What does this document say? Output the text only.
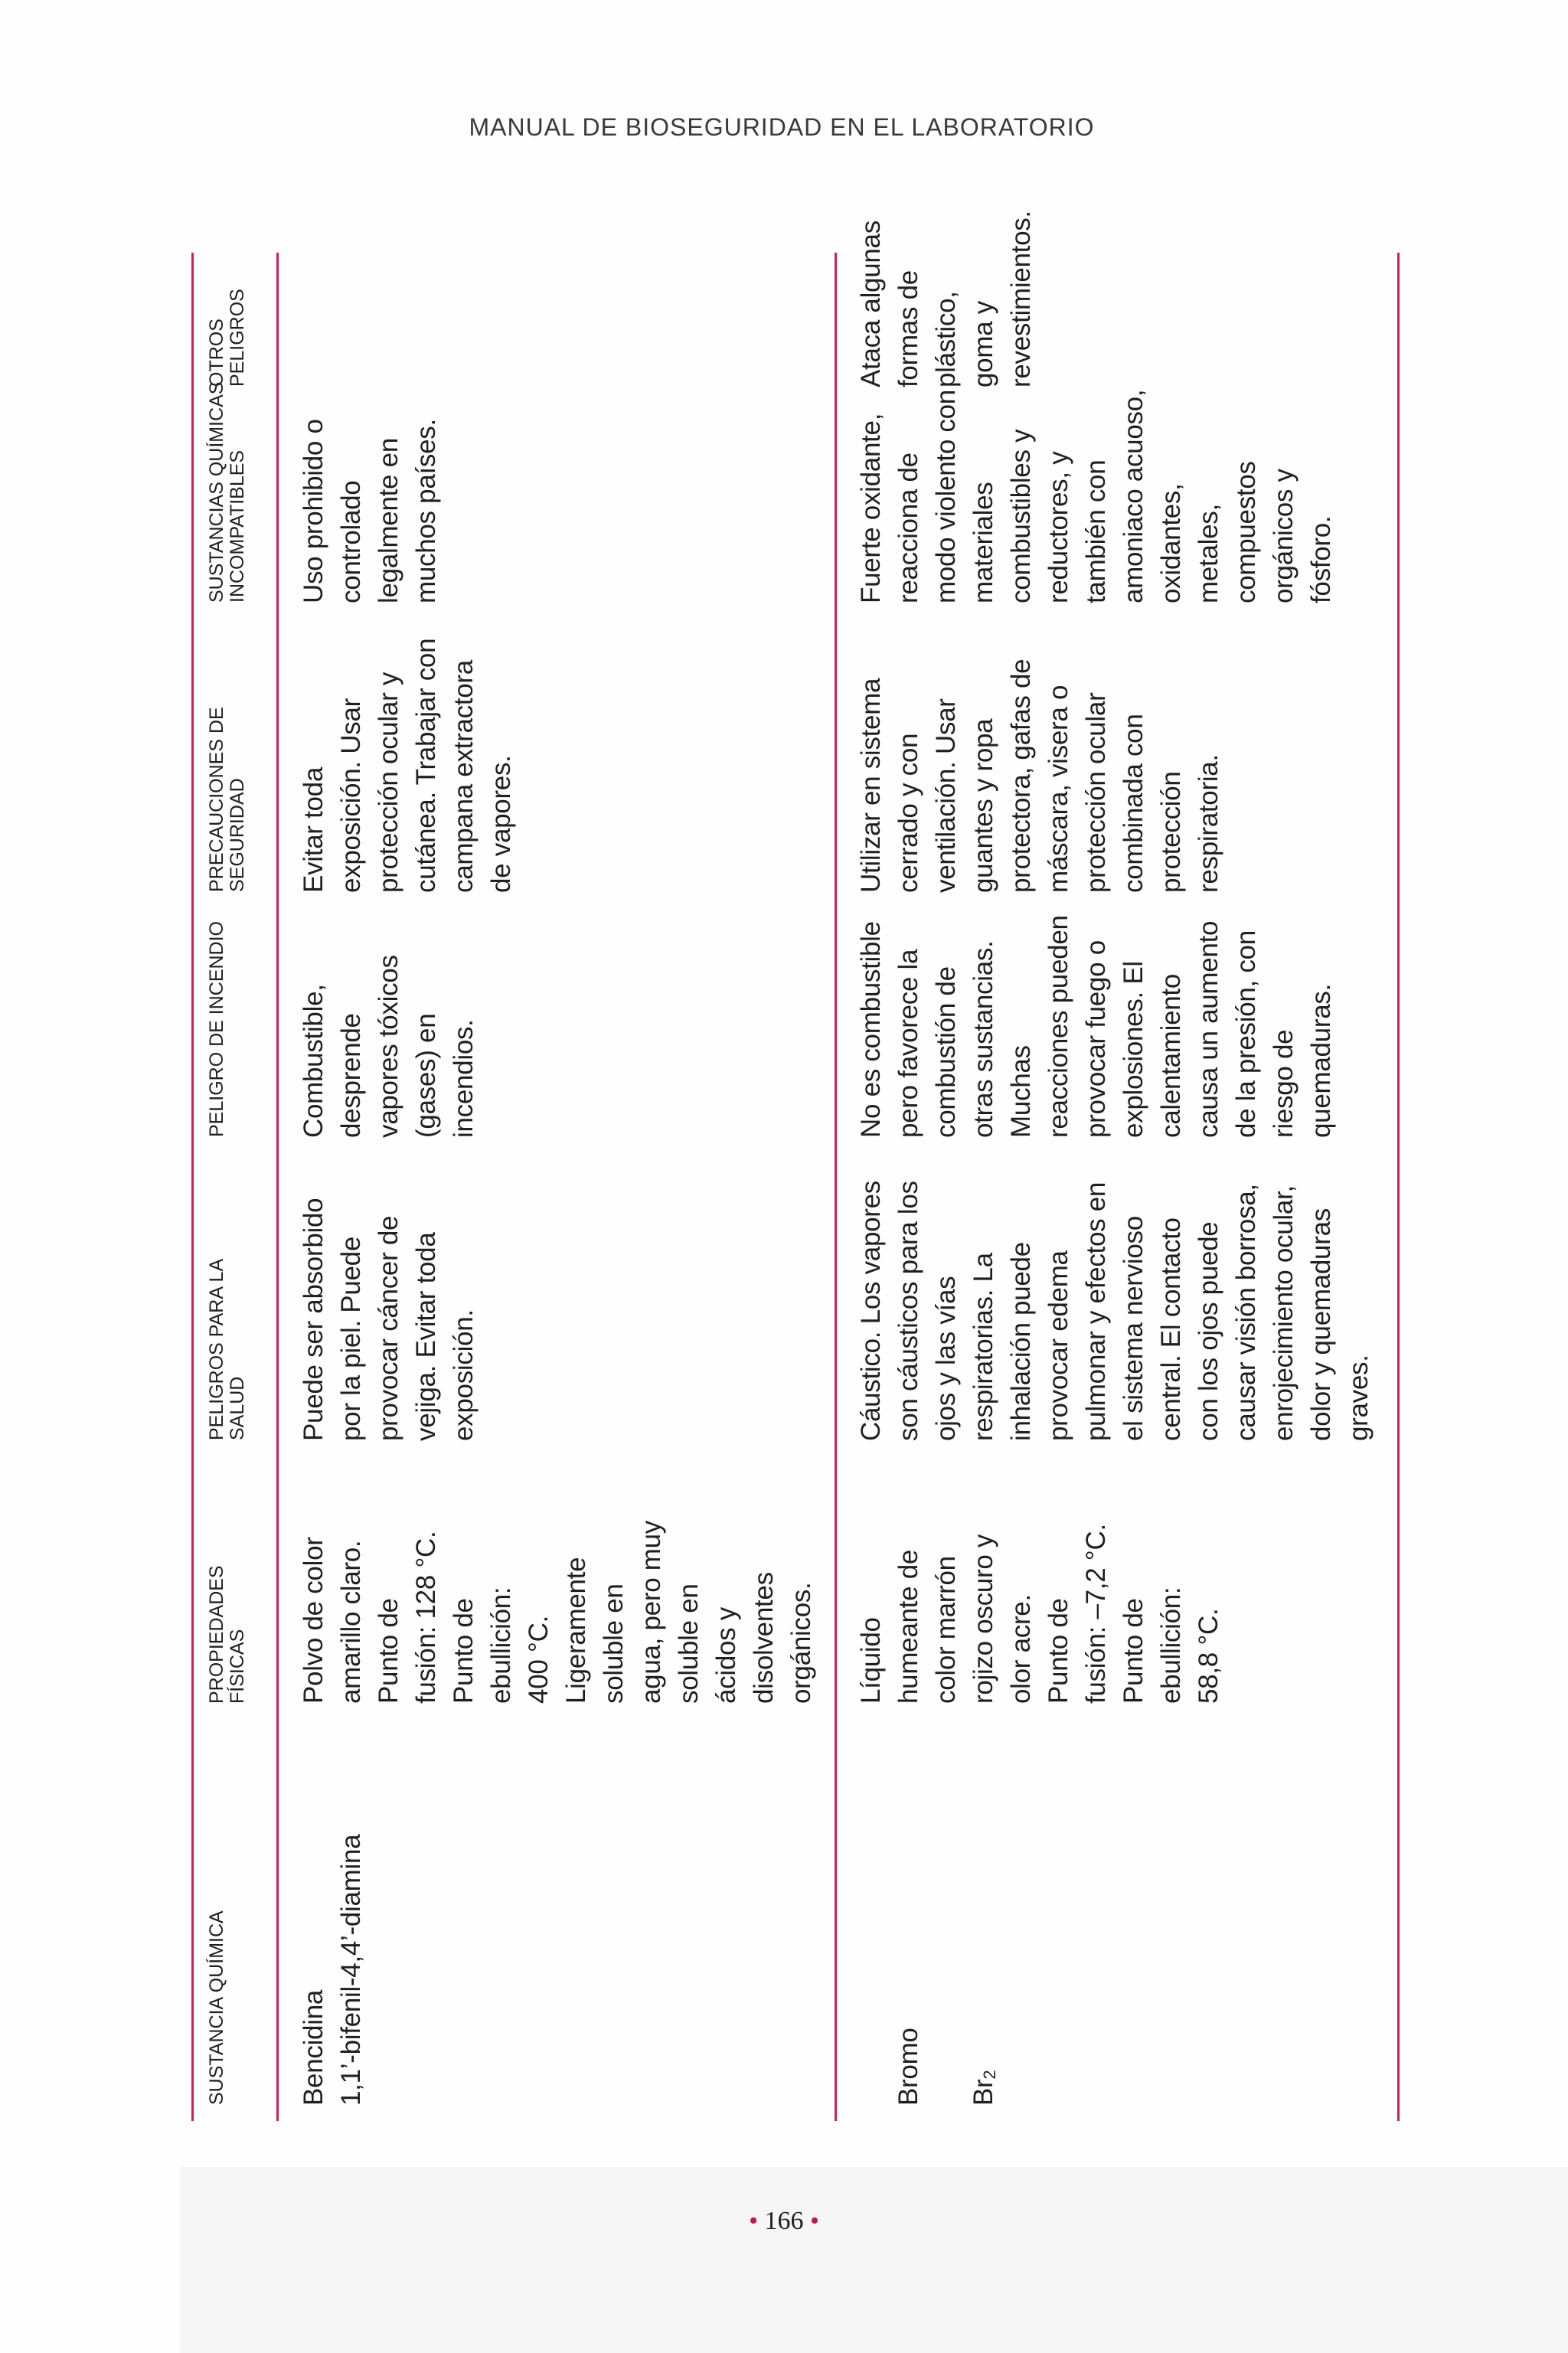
MANUAL DE BIOSEGURIDAD EN EL LABORATORIO
SUSTANCIA QUÍMICA
PROPIEDADES
FÍSICAS
PELIGROS PARA LA
SALUD
PELIGRO DE INCENDIO
PRECAUCIONES DE
SEGURIDAD
SUSTANCIAS QUÍMICAS
INCOMPATIBLES
OTROS PELIGROS
Bencidina
1,1’-bifenil-4,4’-diamina
Polvo de color
amarillo claro.
Punto de
fusión: 128 °C.
Punto de
ebullición:
400 °C.
Ligeramente
soluble en
agua, pero muy
soluble en
ácidos y
disolventes
orgánicos.
Puede ser absorbido
por la piel. Puede
provocar cáncer de
vejiga. Evitar toda
exposición.
Combustible,
desprende
vapores tóxicos
(gases) en
incendios.
Evitar toda
exposición. Usar
protección ocular y
cutánea. Trabajar con
campana extractora
de vapores.
Uso prohibido o
controlado
legalmente en
muchos países.

Bromo $Br_2$

Líquido
humeante de
color marrón
rojizo oscuro y
olor acre.
Punto de
fusión: –7,2 °C.
Punto de
ebullición:
58,8 °C.
Cáustico. Los vapores
son cáusticos para los
ojos y las vías
respiratorias. La
inhalación puede
provocar edema
pulmonar y efectos en
el sistema nervioso
central. El contacto
con los ojos puede
causar visión borrosa,
enrojecimiento ocular,
dolor y quemaduras
graves.
No es combustible
pero favorece la
combustión de
otras sustancias.
Muchas
reacciones pueden
provocar fuego o
explosiones. El
calentamiento
causa un aumento
de la presión, con
riesgo de
quemaduras.
Utilizar en sistema
cerrado y con
ventilación. Usar
guantes y ropa
protectora, gafas de
máscara, visera o
protección ocular
combinada con
protección
respiratoria.
Fuerte oxidante,
reacciona de
modo violento con
materiales
combustibles y
reductores, y
también con
amoniaco acuoso,
oxidantes,
metales,
compuestos
orgánicos y
fósforo.
Ataca algunas
formas de
plástico,
goma y
revestimientos.
• 166 •
